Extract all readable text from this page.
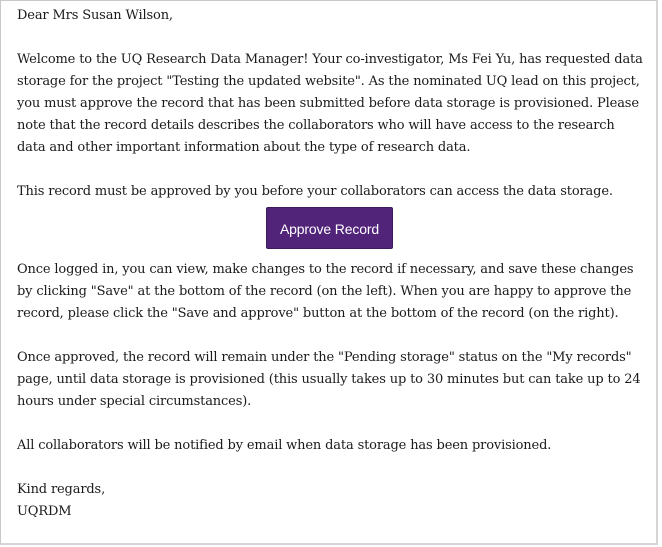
Dear Mrs Susan Wilson,

Welcome to the UQ Research Data Manager! Your co-investigator, Ms Fei Yu, has requested data storage for the project "Testing the updated website". As the nominated UQ lead on this project, you must approve the record that has been submitted before data storage is provisioned. Please note that the record details describes the collaborators who will have access to the research data and other important information about the type of research data.

This record must be approved by you before your collaborators can access the data storage.

Approve Record

Once logged in, you can view, make changes to the record if necessary, and save these changes by clicking "Save" at the bottom of the record (on the left). When you are happy to approve the record, please click the "Save and approve" button at the bottom of the record (on the right).

Once approved, the record will remain under the "Pending storage" status on the "My records" page, until data storage is provisioned (this usually takes up to 30 minutes but can take up to 24 hours under special circumstances).

All collaborators will be notified by email when data storage has been provisioned.

Kind regards,

UQRDM
